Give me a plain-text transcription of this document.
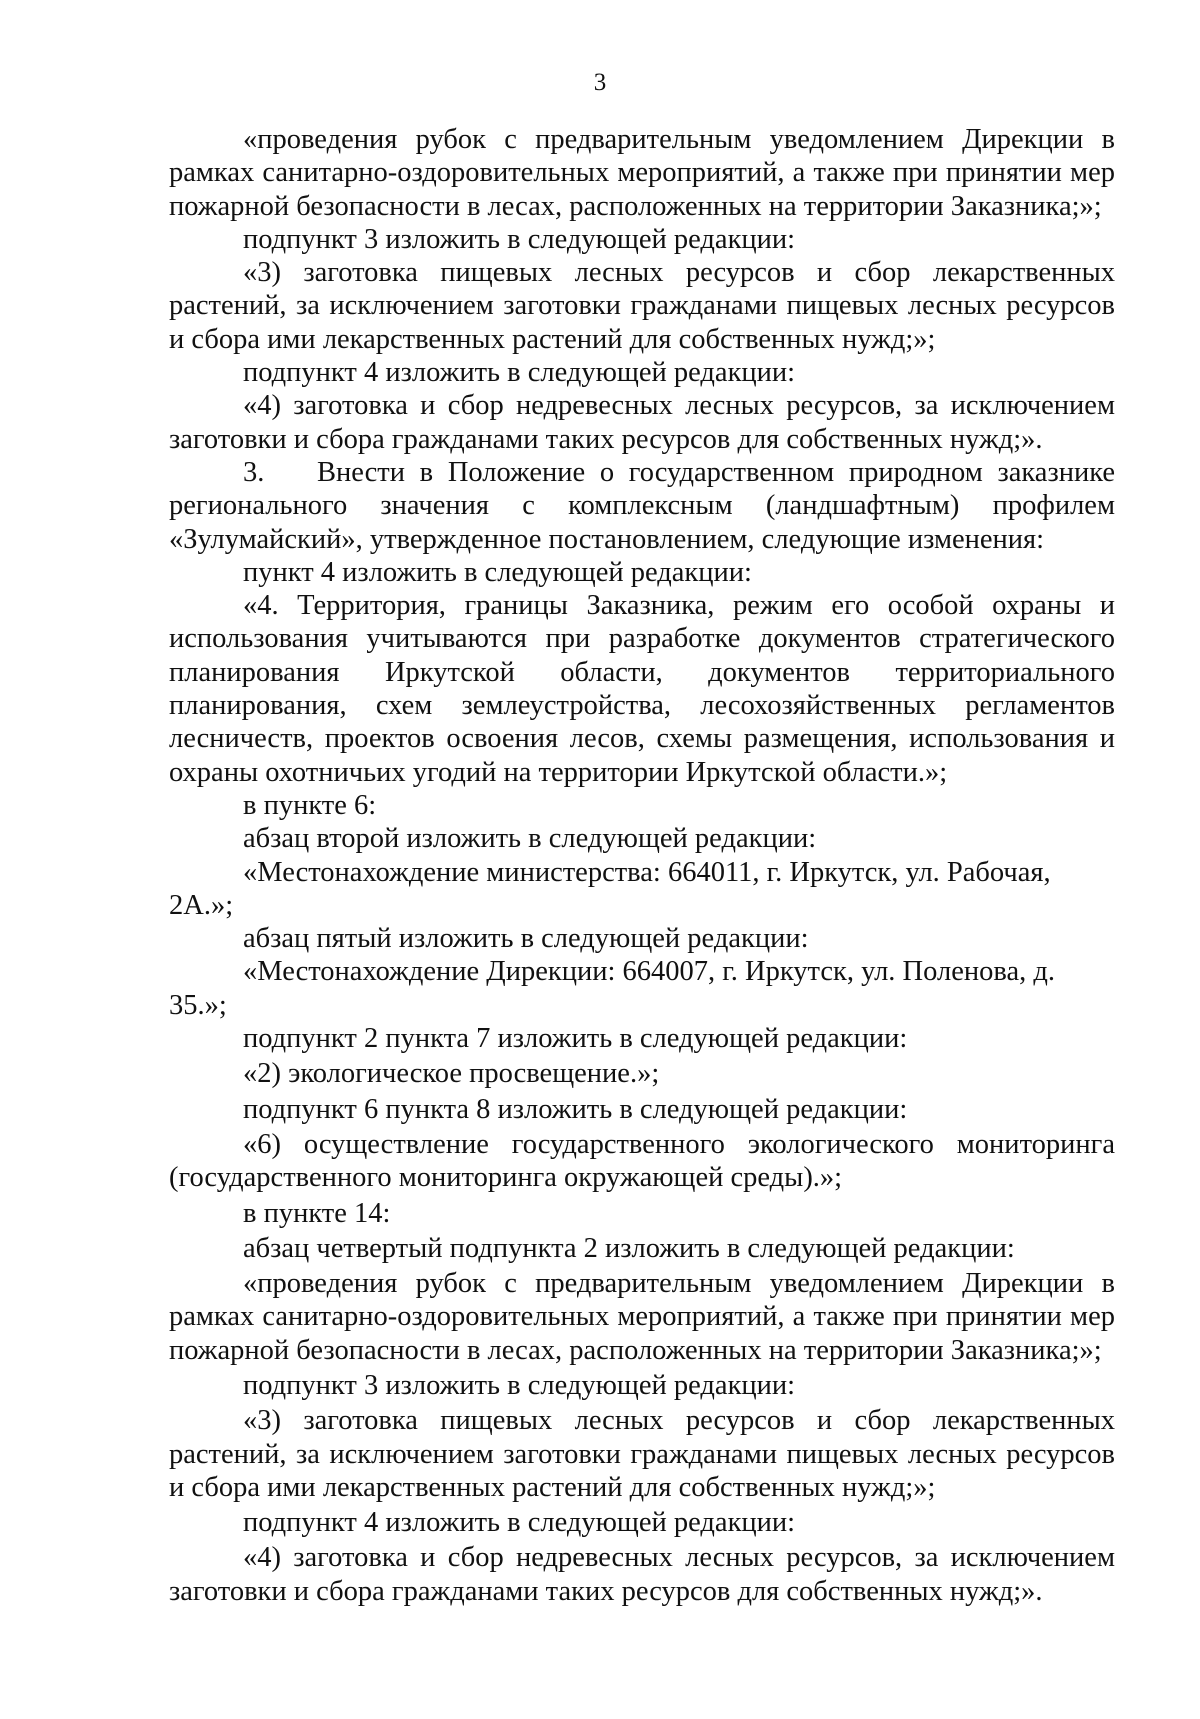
3

«проведения рубок с предварительным уведомлением Дирекции в рамках санитарно-оздоровительных мероприятий, а также при принятии мер пожарной безопасности в лесах, расположенных на территории Заказника;»;

подпункт 3 изложить в следующей редакции:

«3) заготовка пищевых лесных ресурсов и сбор лекарственных растений, за исключением заготовки гражданами пищевых лесных ресурсов и сбора ими лекарственных растений для собственных нужд;»;

подпункт 4 изложить в следующей редакции:

«4) заготовка и сбор недревесных лесных ресурсов, за исключением заготовки и сбора гражданами таких ресурсов для собственных нужд;».

3. Внести в Положение о государственном природном заказнике регионального значения с комплексным (ландшафтным) профилем «Зулумайский», утвержденное постановлением, следующие изменения:

пункт 4 изложить в следующей редакции:

«4. Территория, границы Заказника, режим его особой охраны и использования учитываются при разработке документов стратегического планирования Иркутской области, документов территориального планирования, схем землеустройства, лесохозяйственных регламентов лесничеств, проектов освоения лесов, схемы размещения, использования и охраны охотничьих угодий на территории Иркутской области.»;

в пункте 6:

абзац второй изложить в следующей редакции:

«Местонахождение министерства: 664011, г. Иркутск, ул. Рабочая, 2А.»;

абзац пятый изложить в следующей редакции:

«Местонахождение Дирекции: 664007, г. Иркутск, ул. Поленова, д. 35.»;

подпункт 2 пункта 7 изложить в следующей редакции:

«2) экологическое просвещение.»;

подпункт 6 пункта 8 изложить в следующей редакции:

«6) осуществление государственного экологического мониторинга (государственного мониторинга окружающей среды).»;

в пункте 14:

абзац четвертый подпункта 2 изложить в следующей редакции:

«проведения рубок с предварительным уведомлением Дирекции в рамках санитарно-оздоровительных мероприятий, а также при принятии мер пожарной безопасности в лесах, расположенных на территории Заказника;»;

подпункт 3 изложить в следующей редакции:

«3) заготовка пищевых лесных ресурсов и сбор лекарственных растений, за исключением заготовки гражданами пищевых лесных ресурсов и сбора ими лекарственных растений для собственных нужд;»;

подпункт 4 изложить в следующей редакции:

«4) заготовка и сбор недревесных лесных ресурсов, за исключением заготовки и сбора гражданами таких ресурсов для собственных нужд;».
